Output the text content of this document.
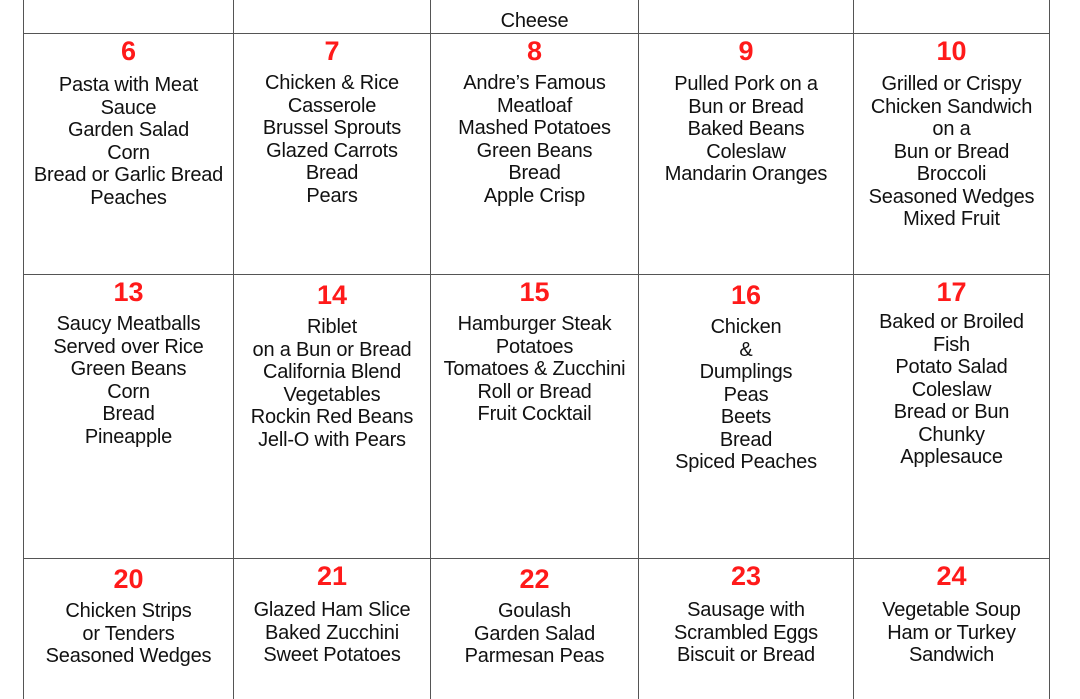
Cheese
6
Pasta with Meat
Sauce
Garden Salad
Corn
Bread or Garlic Bread
Peaches
7
Chicken & Rice
Casserole
Brussel Sprouts
Glazed Carrots
Bread
Pears
8
Andre’s Famous
Meatloaf
Mashed Potatoes
Green Beans
Bread
Apple Crisp
9
Pulled Pork on a
Bun or Bread
Baked Beans
Coleslaw
Mandarin Oranges
10
Grilled or Crispy
Chicken Sandwich
on a
Bun or Bread
Broccoli
Seasoned Wedges
Mixed Fruit
13
Saucy Meatballs
Served over Rice
Green Beans
Corn
Bread
Pineapple
14
Riblet
on a Bun or Bread
California Blend
Vegetables
Rockin Red Beans
Jell-O with Pears
15
Hamburger Steak
Potatoes
Tomatoes & Zucchini
Roll or Bread
Fruit Cocktail
16
Chicken
&
Dumplings
Peas
Beets
Bread
Spiced Peaches
17
Baked or Broiled
Fish
Potato Salad
Coleslaw
Bread or Bun
Chunky
Applesauce
20
Chicken Strips
or Tenders
Seasoned Wedges
21
Glazed Ham Slice
Baked Zucchini
Sweet Potatoes
22
Goulash
Garden Salad
Parmesan Peas
23
Sausage with
Scrambled Eggs
Biscuit or Bread
24
Vegetable Soup
Ham or Turkey
Sandwich
